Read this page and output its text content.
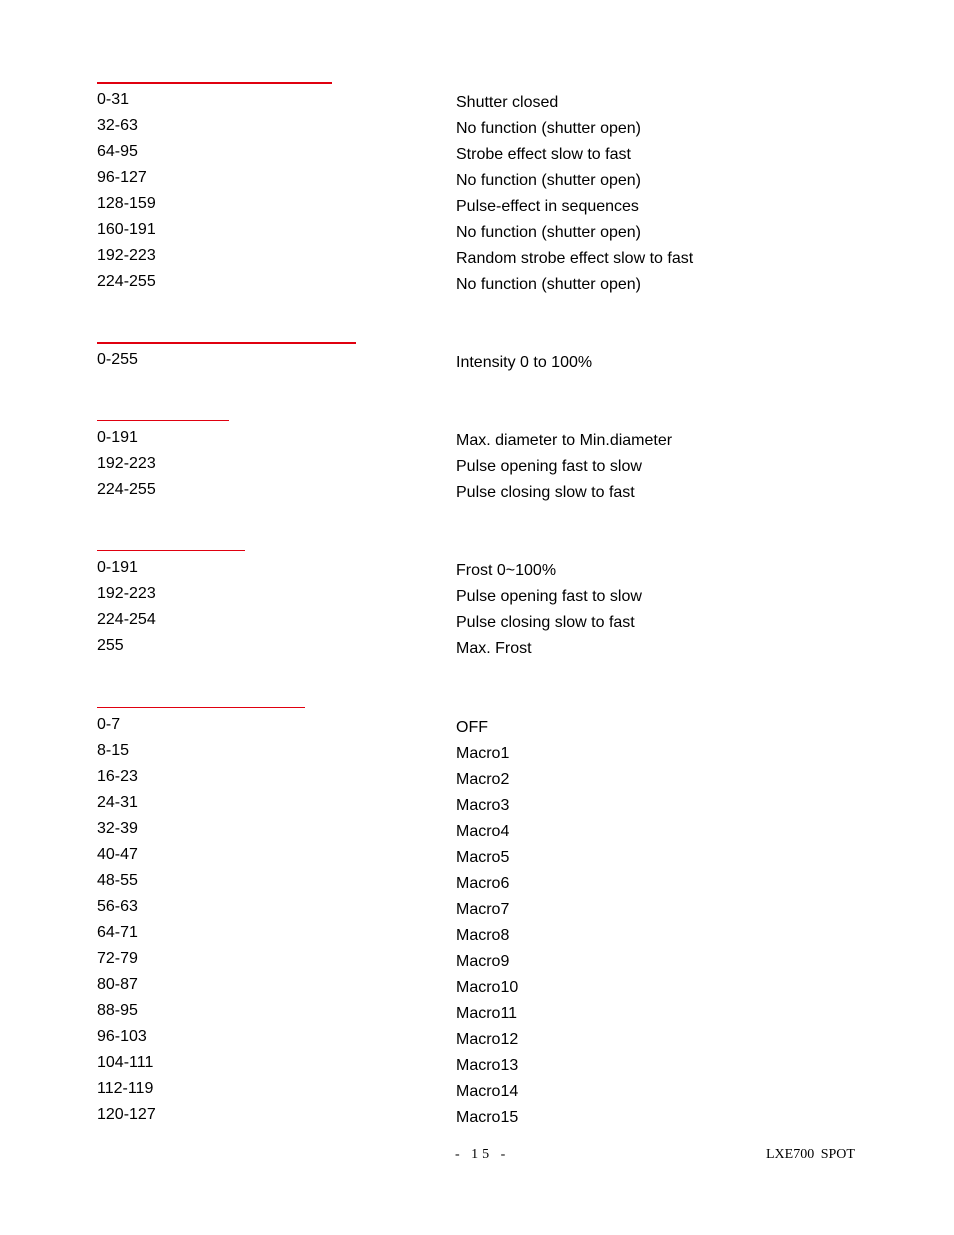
0-31	Shutter closed
32-63	No function (shutter open)
64-95	Strobe effect slow to fast
96-127	No function (shutter open)
128-159	Pulse-effect in sequences
160-191	No function (shutter open)
192-223	Random strobe effect slow to fast
224-255	No function (shutter open)
0-255	Intensity 0 to 100%
0-191	Max. diameter to Min.diameter
192-223	Pulse opening fast to slow
224-255	Pulse closing slow to fast
0-191	Frost 0~100%
192-223	Pulse opening fast to slow
224-254	Pulse closing slow to fast
255	Max. Frost
0-7	OFF
8-15	Macro1
16-23	Macro2
24-31	Macro3
32-39	Macro4
40-47	Macro5
48-55	Macro6
56-63	Macro7
64-71	Macro8
72-79	Macro9
80-87	Macro10
88-95	Macro11
96-103	Macro12
104-111	Macro13
112-119	Macro14
120-127	Macro15
- 15 -	LXE700 SPOT
